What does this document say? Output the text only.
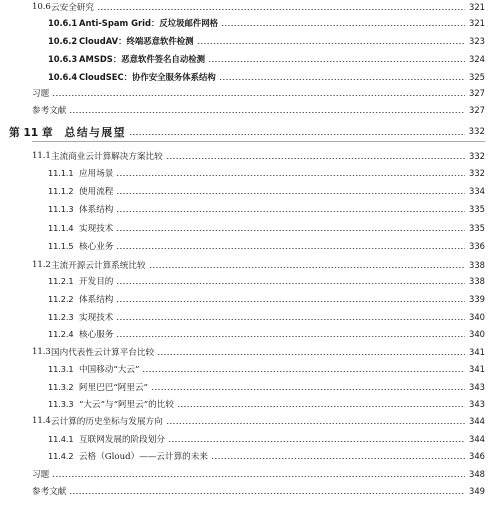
10.6 云安全研究	321
10.6.1 Anti-Spam Grid：反垃圾邮件网格	321
10.6.2 CloudAV：终端恶意软件检测	323
10.6.3 AMSDS：恶意软件签名自动检测	324
10.6.4 CloudSEC：协作安全服务体系结构	325
习题	327
参考文献	327
第 11 章 总结与展望	332
11.1 主流商业云计算解决方案比较	332
11.1.1 应用场景	332
11.1.2 使用流程	334
11.1.3 体系结构	335
11.1.4 实现技术	335
11.1.5 核心业务	336
11.2 主流开源云计算系统比较	338
11.2.1 开发目的	338
11.2.2 体系结构	339
11.2.3 实现技术	340
11.2.4 核心服务	340
11.3 国内代表性云计算平台比较	341
11.3.1 中国移动“大云”	341
11.3.2 阿里巴巴“阿里云”	343
11.3.3 “大云”与“阿里云”的比较	343
11.4 云计算的历史坐标与发展方向	344
11.4.1 互联网发展的阶段划分	344
11.4.2 云格（Gloud）——云计算的未来	346
习题	348
参考文献	349
